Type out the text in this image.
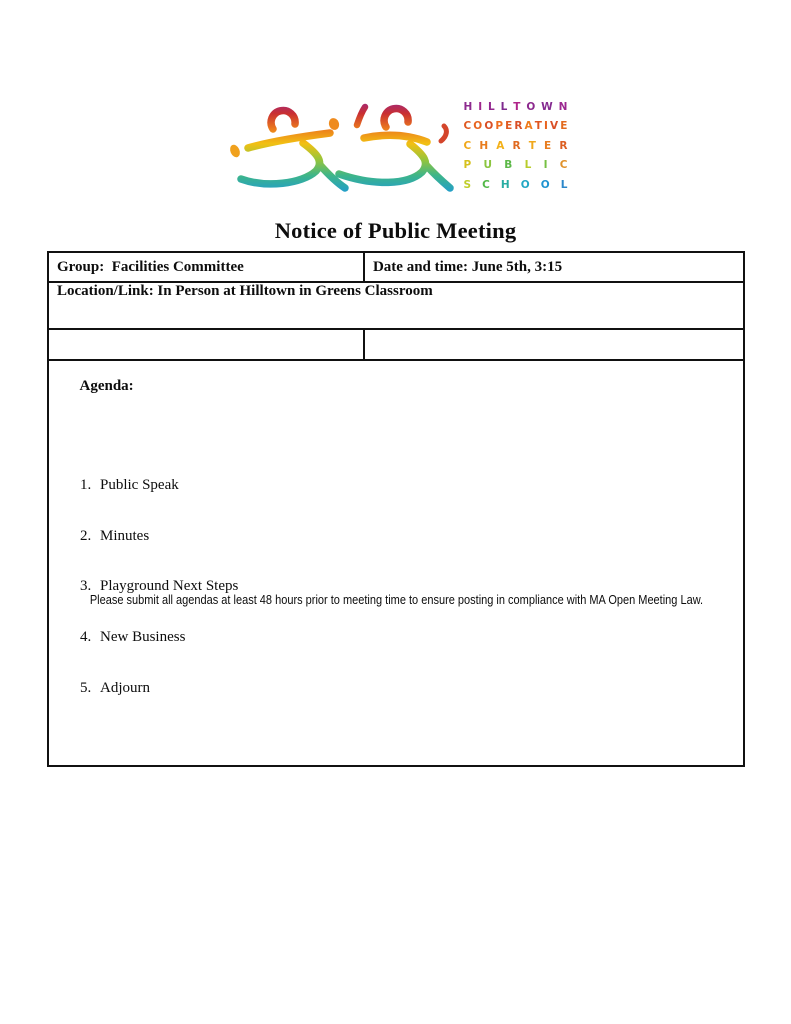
H I L L T O W N
C O O P E R A T I V E
C H A R T E R
P U B L I C
S C H O O L
Notice of Public Meeting
Group:  Facilities Committee	Date and time: June 5th, 3:15
Location/Link: In Person at Hilltown in Greens Classroom	

Agenda:

Public Speak

Minutes

Playground Next Steps

New Business

Adjourn

Please submit all agendas at least 48 hours prior to meeting time to ensure posting in compliance with MA Open Meeting Law.
